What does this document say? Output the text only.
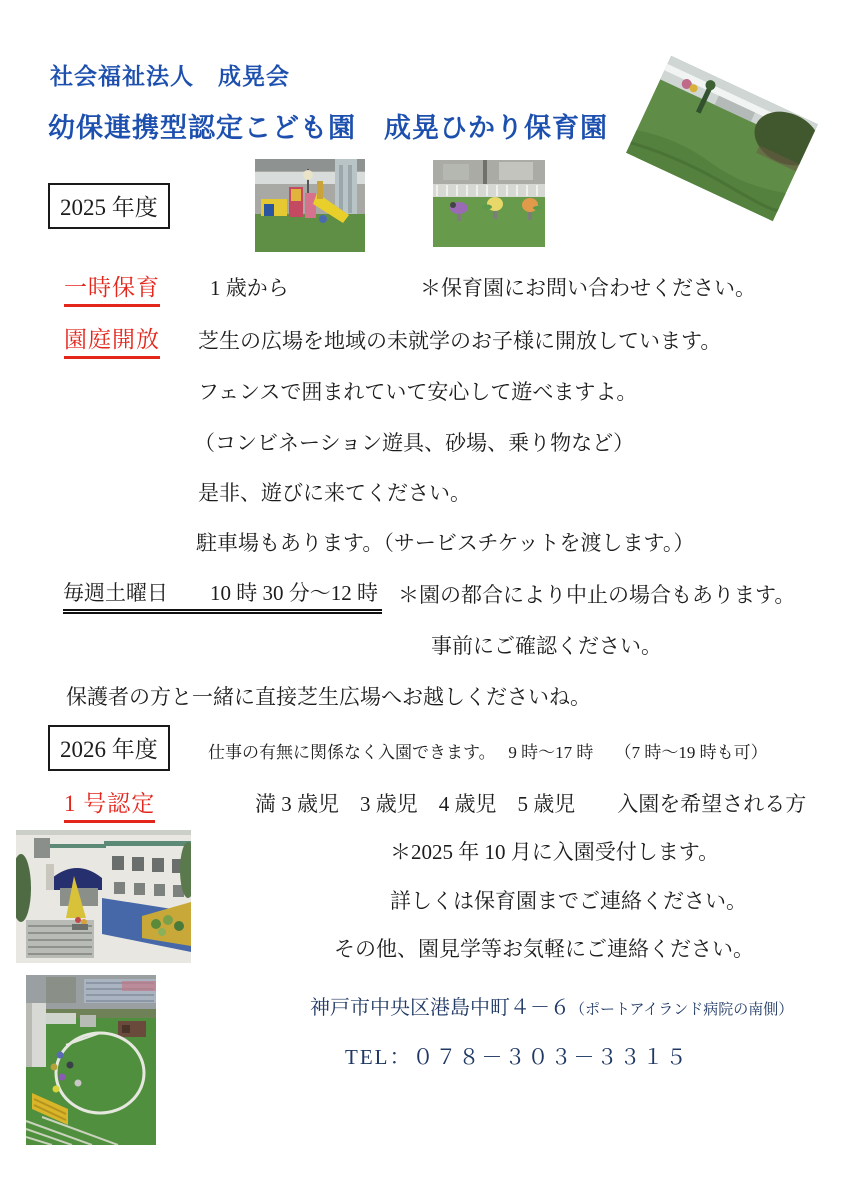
社会福祉法人　成晃会
幼保連携型認定こども園　成晃ひかり保育園
2025 年度
一時保育 1 歳から	＊保育園にお問い合わせください。
園庭開放 芝生の広場を地域の未就学のお子様に開放しています。
フェンスで囲まれていて安心して遊べますよ。
（コンビネーション遊具、砂場、乗り物など）
是非、遊びに来てください。
駐車場もあります。（サービスチケットを渡します。）
毎週土曜日　　10 時 30 分～12 時 ＊園の都合により中止の場合もあります。
事前にご確認ください。
保護者の方と一緒に直接芝生広場へお越しくださいね。
2026 年度	仕事の有無に関係なく入園できます。　 9 時～17 時　 （7 時～19 時も可）
1 号認定	満 3 歳児　3 歳児　4 歳児　5 歳児　　入園を希望される方
＊2025 年 10 月に入園受付します。
詳しくは保育園までご連絡ください。
その他、園見学等お気軽にご連絡ください。
神戸市中央区港島中町４－６（ポートアイランド病院の南側）
TEL：０７８－３０３－３３１５
